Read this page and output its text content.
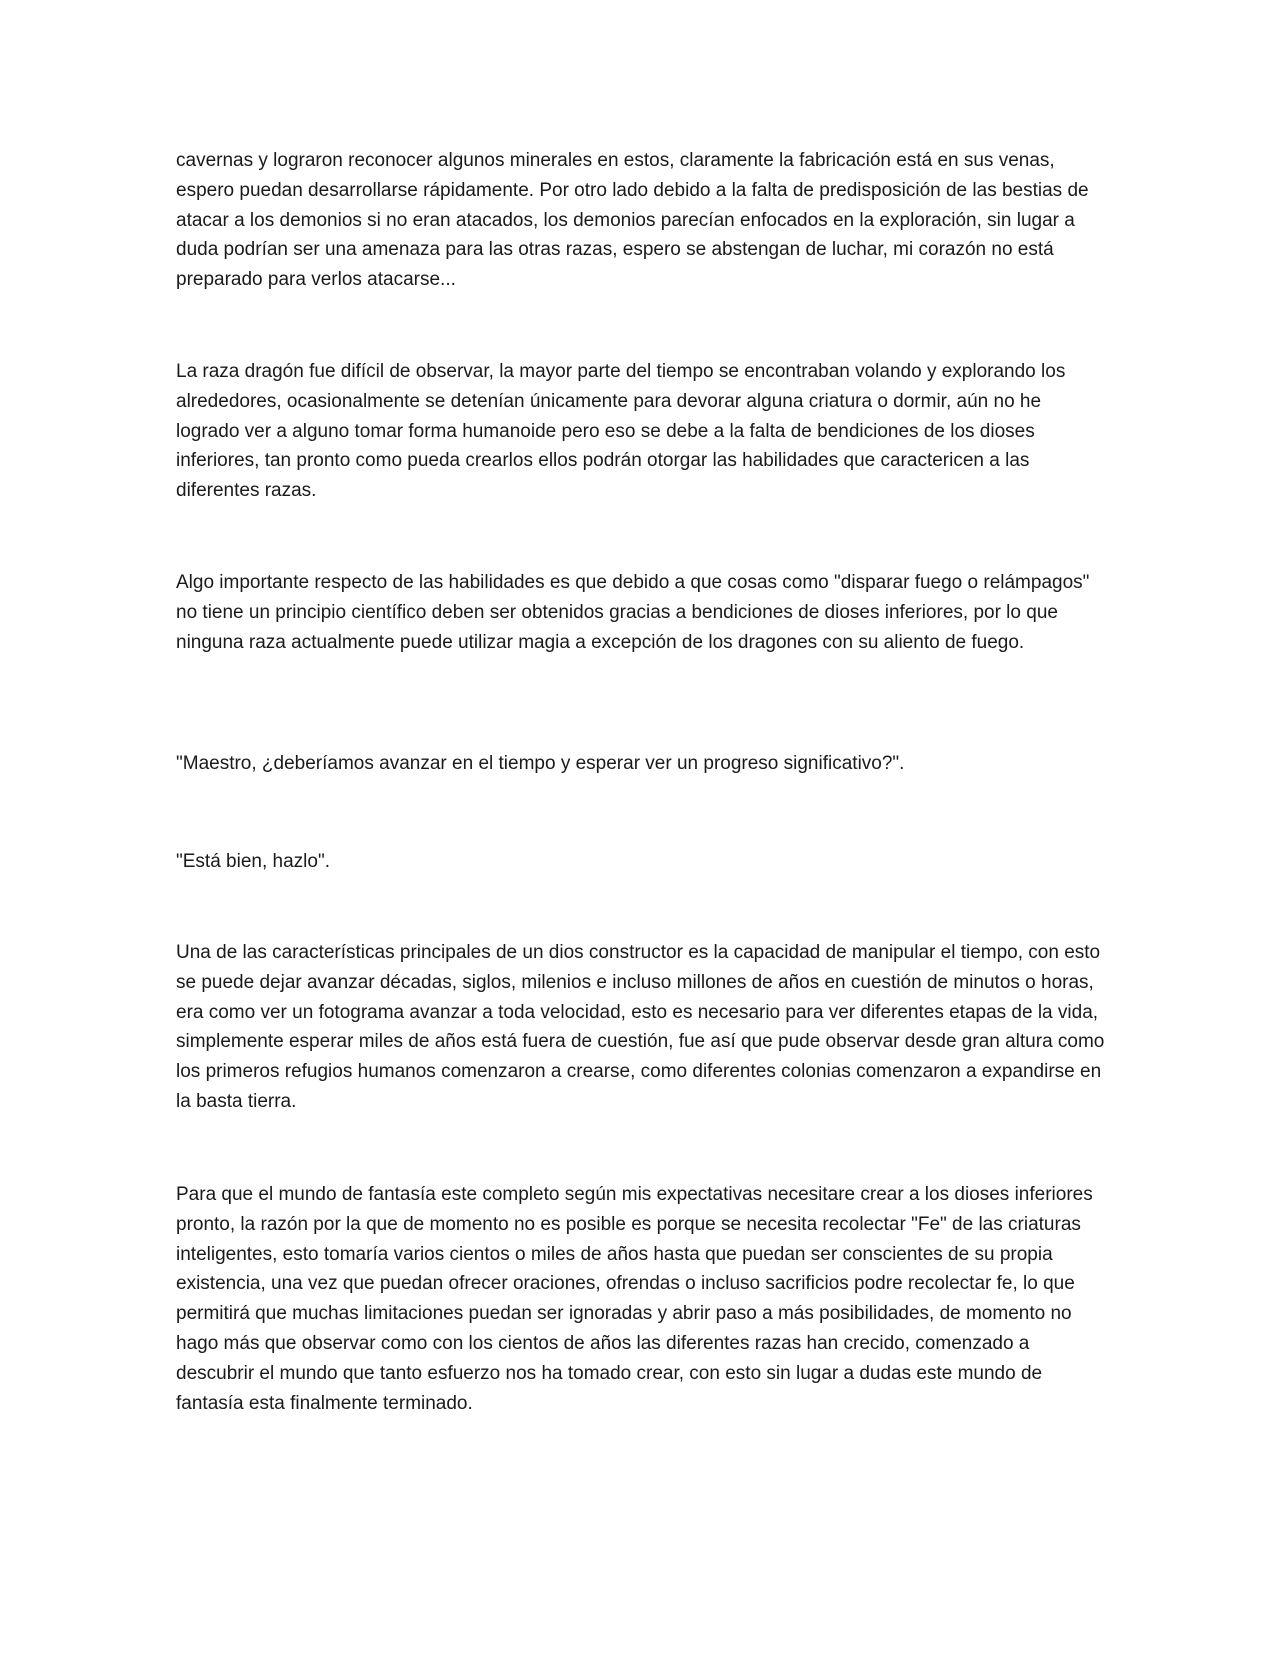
cavernas y lograron reconocer algunos minerales en estos, claramente la fabricación está en sus venas, espero puedan desarrollarse rápidamente. Por otro lado debido a la falta de predisposición de las bestias de atacar a los demonios si no eran atacados, los demonios parecían enfocados en la exploración, sin lugar a duda podrían ser una amenaza para las otras razas, espero se abstengan de luchar, mi corazón no está preparado para verlos atacarse...

La raza dragón fue difícil de observar, la mayor parte del tiempo se encontraban volando y explorando los alrededores, ocasionalmente se detenían únicamente para devorar alguna criatura o dormir, aún no he logrado ver a alguno tomar forma humanoide pero eso se debe a la falta de bendiciones de los dioses inferiores, tan pronto como pueda crearlos ellos podrán otorgar las habilidades que caractericen a las diferentes razas.

Algo importante respecto de las habilidades es que debido a que cosas como "disparar fuego o relámpagos" no tiene un principio científico deben ser obtenidos gracias a bendiciones de dioses inferiores, por lo que ninguna raza actualmente puede utilizar magia a excepción de los dragones con su aliento de fuego.

"Maestro, ¿deberíamos avanzar en el tiempo y esperar ver un progreso significativo?".

"Está bien, hazlo".

Una de las características principales de un dios constructor es la capacidad de manipular el tiempo, con esto se puede dejar avanzar décadas, siglos, milenios e incluso millones de años en cuestión de minutos o horas, era como ver un fotograma avanzar a toda velocidad, esto es necesario para ver diferentes etapas de la vida, simplemente esperar miles de años está fuera de cuestión, fue así que pude observar desde gran altura como los primeros refugios humanos comenzaron a crearse, como diferentes colonias comenzaron a expandirse en la basta tierra.

Para que el mundo de fantasía este completo según mis expectativas necesitare crear a los dioses inferiores pronto, la razón por la que de momento no es posible es porque se necesita recolectar "Fe" de las criaturas inteligentes, esto tomaría varios cientos o miles de años hasta que puedan ser conscientes de su propia existencia, una vez que puedan ofrecer oraciones, ofrendas o incluso sacrificios podre recolectar fe, lo que permitirá que muchas limitaciones puedan ser ignoradas y abrir paso a más posibilidades, de momento no hago más que observar como con los cientos de años las diferentes razas han crecido, comenzado a descubrir el mundo que tanto esfuerzo nos ha tomado crear, con esto sin lugar a dudas este mundo de fantasía esta finalmente terminado.
